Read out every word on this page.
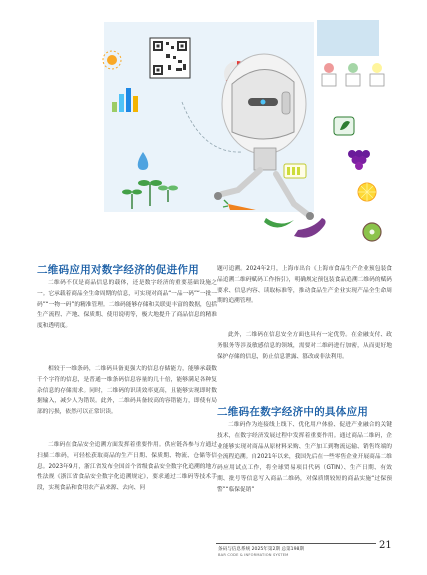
二维码应用对数字经济的促进作用

二维码不仅是商品信息的载体，还是数字经济的重要基础设施之一。它承载着商品全生命周期的信息，可实现对商品“一品一码”“一批一码”“一物一码”的精准管理。二维码能够存储和关联更丰富的数据，包括生产流程、产地、保质期、使用说明等，极大地提升了商品信息的精准度和透明度。

相较于一维条码，二维码具备更强大的信息存储能力，能够承载数千个字符的信息，是普通一维条码信息容量的几十倍，能够满足各种复杂信息的存储需求。同时，二维码的识读效率更高，且能够实现即时数据输入，减少人为错误。此外，二维码具备较高的容错能力，即使有局部的污损，依然可以正常识读。

二维码在食品安全追溯方面发挥着重要作用。供应链各参与方通过扫描二维码，可轻松获取商品的生产日期、保质期、物流、仓储等信息。2023年9月，浙江省发布全国首个省级食品安全数字化追溯的地方性法规《浙江省食品安全数字化追溯规定》，要求通过二维码等技术手段，实现食品和食用农产品来源、去向、问

题可追溯。2024年2月，上海市出台《上海市食品生产企业预包装食品追溯二维码赋码工作指引》，明确规定预包装食品追溯二维码的赋码要求、信息内容、读取标准等，推动食品生产企业实现产品全生命周期的追溯管理。

此外，二维码在信息安全方面也具有一定优势。在金融支付、政务服务等涉及敏感信息的领域，需要对二维码进行加密，从而更好地保护存储的信息，防止信息泄露、篡改或非法利用。

二维码在数字经济中的具体应用

二维码作为连接线上线下、优化用户体验、促进产业融合的关键技术，在数字经济发展过程中发挥着重要作用。通过商品二维码，企业能够实现对商品从原材料采购、生产加工到物流运输、销售终端的全流程追溯。自2021年以来，我国先后在一些零售企业开展商品二维码应用试点工作，将全球贸易项目代码（GTIN）、生产日期、有效期、批号等信息写入商品二维码，对保质期较短的商品实施“过保预警”“临保促销”

条码与信息系统 2025年第2期 总第198期
BAR CODE & INFORMATION SYSTEM
21
